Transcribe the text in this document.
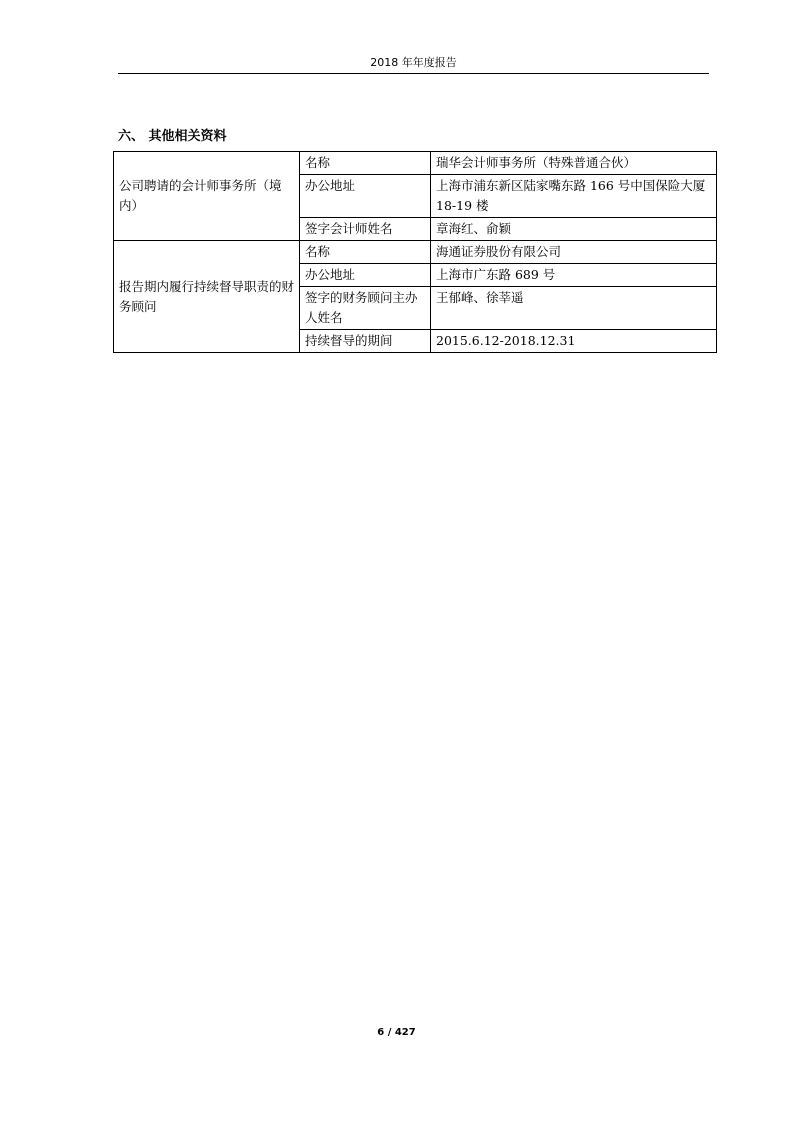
2018 年年度报告
六、 其他相关资料
公司聘请的会计师事务所（境内）	名称	瑞华会计师事务所（特殊普通合伙）
	办公地址	上海市浦东新区陆家嘴东路 166 号中国保险大厦 18-19 楼
	签字会计师姓名	章海红、俞颖
报告期内履行持续督导职责的财务顾问	名称	海通证券股份有限公司
	办公地址	上海市广东路 689 号
	签字的财务顾问主办人姓名	王郁峰、徐莘遥
	持续督导的期间	2015.6.12-2018.12.31
6 / 427
